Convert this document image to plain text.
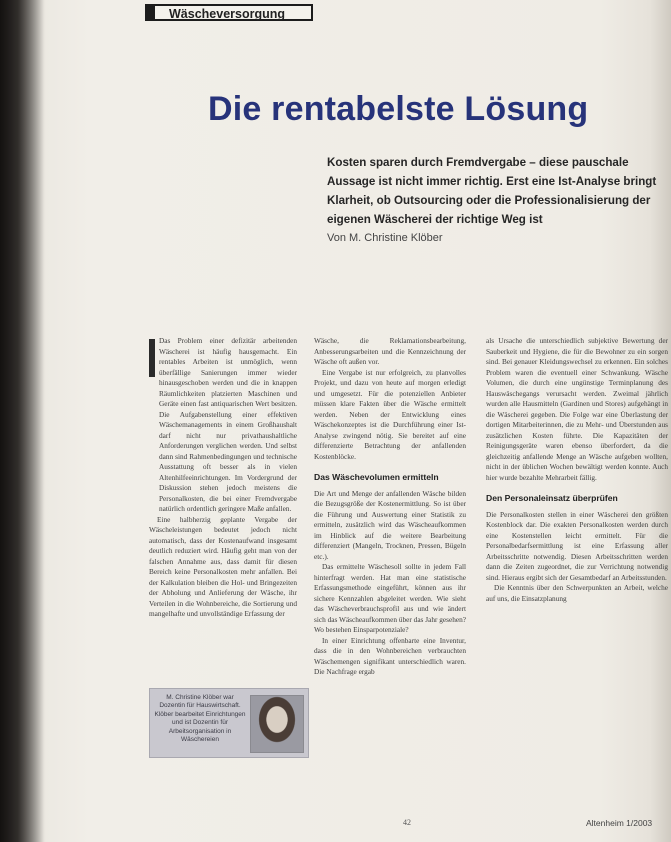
Wäscheversorgung
Die rentabelste Lösung
Kosten sparen durch Fremdvergabe – diese pauschale Aussage ist nicht immer richtig. Erst eine Ist-Analyse bringt Klarheit, ob Outsourcing oder die Professionalisierung der eigenen Wäscherei der richtige Weg ist
Von M. Christine Klöber

Das Problem einer defizitär arbeitenden Wäscherei ist häufig hausgemacht. Ein rentables Arbeiten ist unmöglich, wenn überfällige Sanierungen immer wieder hinausgeschoben werden und die in knappen Räumlichkeiten platzierten Maschinen und Geräte einen fast antiquarischen Wert besitzen. Die Aufgabenstellung einer effektiven Wäschemanagements in einem Großhaushalt darf nicht nur privathaushaltliche Anforderungen verglichen werden. Und selbst dann sind Rahmenbedingungen und technische Ausstattung oft besser als in vielen Altenhilfeeinrichtungen. Im Vordergrund der Diskussion stehen jedoch meistens die Personalkosten, die bei einer Fremdvergabe natürlich ordentlich geringere Maße anfallen.

Eine halbherzig geplante Vergabe der Wäscheleistungen bedeutet jedoch nicht automatisch, dass der Kostenaufwand insgesamt deutlich reduziert wird. Häufig geht man von der falschen Annahme aus, dass damit für diesen Bereich keine Personalkosten mehr anfallen. Bei der Kalkulation bleiben die Hol- und Bringezeiten der Abholung und Anlieferung der Wäsche, ihr Verteilen in die Wohnbereiche, die Sortierung und mangelhafte und unvollständige Erfassung der

Wäsche, die Reklamationsbearbeitung, Anbesserungsarbeiten und die Kennzeichnung der Wäsche oft außen vor.

Eine Vergabe ist nur erfolgreich, zu planvolles Projekt, und dazu von heute auf morgen erledigt und umgesetzt. Für die potenziellen Anbieter müssen klare Fakten über die Wäsche ermittelt werden. Neben der Entwicklung eines Wäschekonzeptes ist die Durchführung einer Ist-Analyse zwingend nötig. Sie bereitet auf eine differenzierte Betrachtung der anfallenden Kostenblöcke.

Das Wäschevolumen ermitteln

Die Art und Menge der anfallenden Wäsche bilden die Bezugsgröße der Kostenermittlung. So ist über die Führung und Auswertung einer Statistik zu ermitteln, zusätzlich wird das Wäscheaufkommen im Hinblick auf die weitere Bearbeitung differenziert (Mangeln, Trocknen, Pressen, Bügeln etc.).

Das ermittelte Wäschesoll sollte in jedem Fall hinterfragt werden. Hat man eine statistische Erfassungsmethode eingeführt, können aus ihr sichere Kennzahlen abgeleitet werden. Wie sieht das Wäscheverbrauchsprofil aus und wie ändert sich das Wäscheaufkommen über das Jahr gesehen? Wo bestehen Einsparpotenziale?

In einer Einrichtung offenbarte eine Inventur, dass die in den Wohnbereichen verbrauchten Wäschemengen signifikant unterschiedlich waren. Die Nachfrage ergab

als Ursache die unterschiedlich subjektive Bewertung der Sauberkeit und Hygiene, die für die Bewohner zu ein sorgen sind. Bei genauer Kleidungswechsel zu erkennen. Ein solches Problem waren die eventuell einer Schwankung. Wäsche Volumen, die durch eine ungünstige Terminplanung des Hauswäschegangs verursacht werden. Zweimal jährlich wurden alle Hausmitteln (Gardinen und Stores) aufgehängt in die Wäscherei gegeben. Die Folge war eine Überlastung der dortigen Mitarbeiterinnen, die zu Mehr- und Überstunden aus zusätzlichen Kosten führte. Die Kapazitäten der Reinigungsgeräte waren ebenso überfordert, da die gleichzeitig anfallende Menge an Wäsche aufgeben wollten, nicht in der üblichen Wochen bewältigt werden konnte. Auch hier wurde bezahlte Mehrarbeit fällig.

Den Personaleinsatz überprüfen

Die Personalkosten stellen in einer Wäscherei den größten Kostenblock dar. Die exakten Personalkosten werden durch eine Kostenstellen leicht ermittelt. Für die Personalbedarfsermittlung ist eine Erfassung aller Arbeitsschritte notwendig. Diesen Arbeitsschritten werden dann die Zeiten zugeordnet, die zur Verrichtung notwendig sind. Hieraus ergibt sich der Gesamtbedarf an Arbeitsstunden.

Die Kenntnis über den Schwerpunkten an Arbeit, welche auf uns, die Einsatzplanung

M. Christine Klöber war Dozentin für Hauswirtschaft. Klöber bearbeitet Einrichtungen und ist Dozentin für Arbeitsorganisation in Wäschereien
42	Altenheim 1/2003
